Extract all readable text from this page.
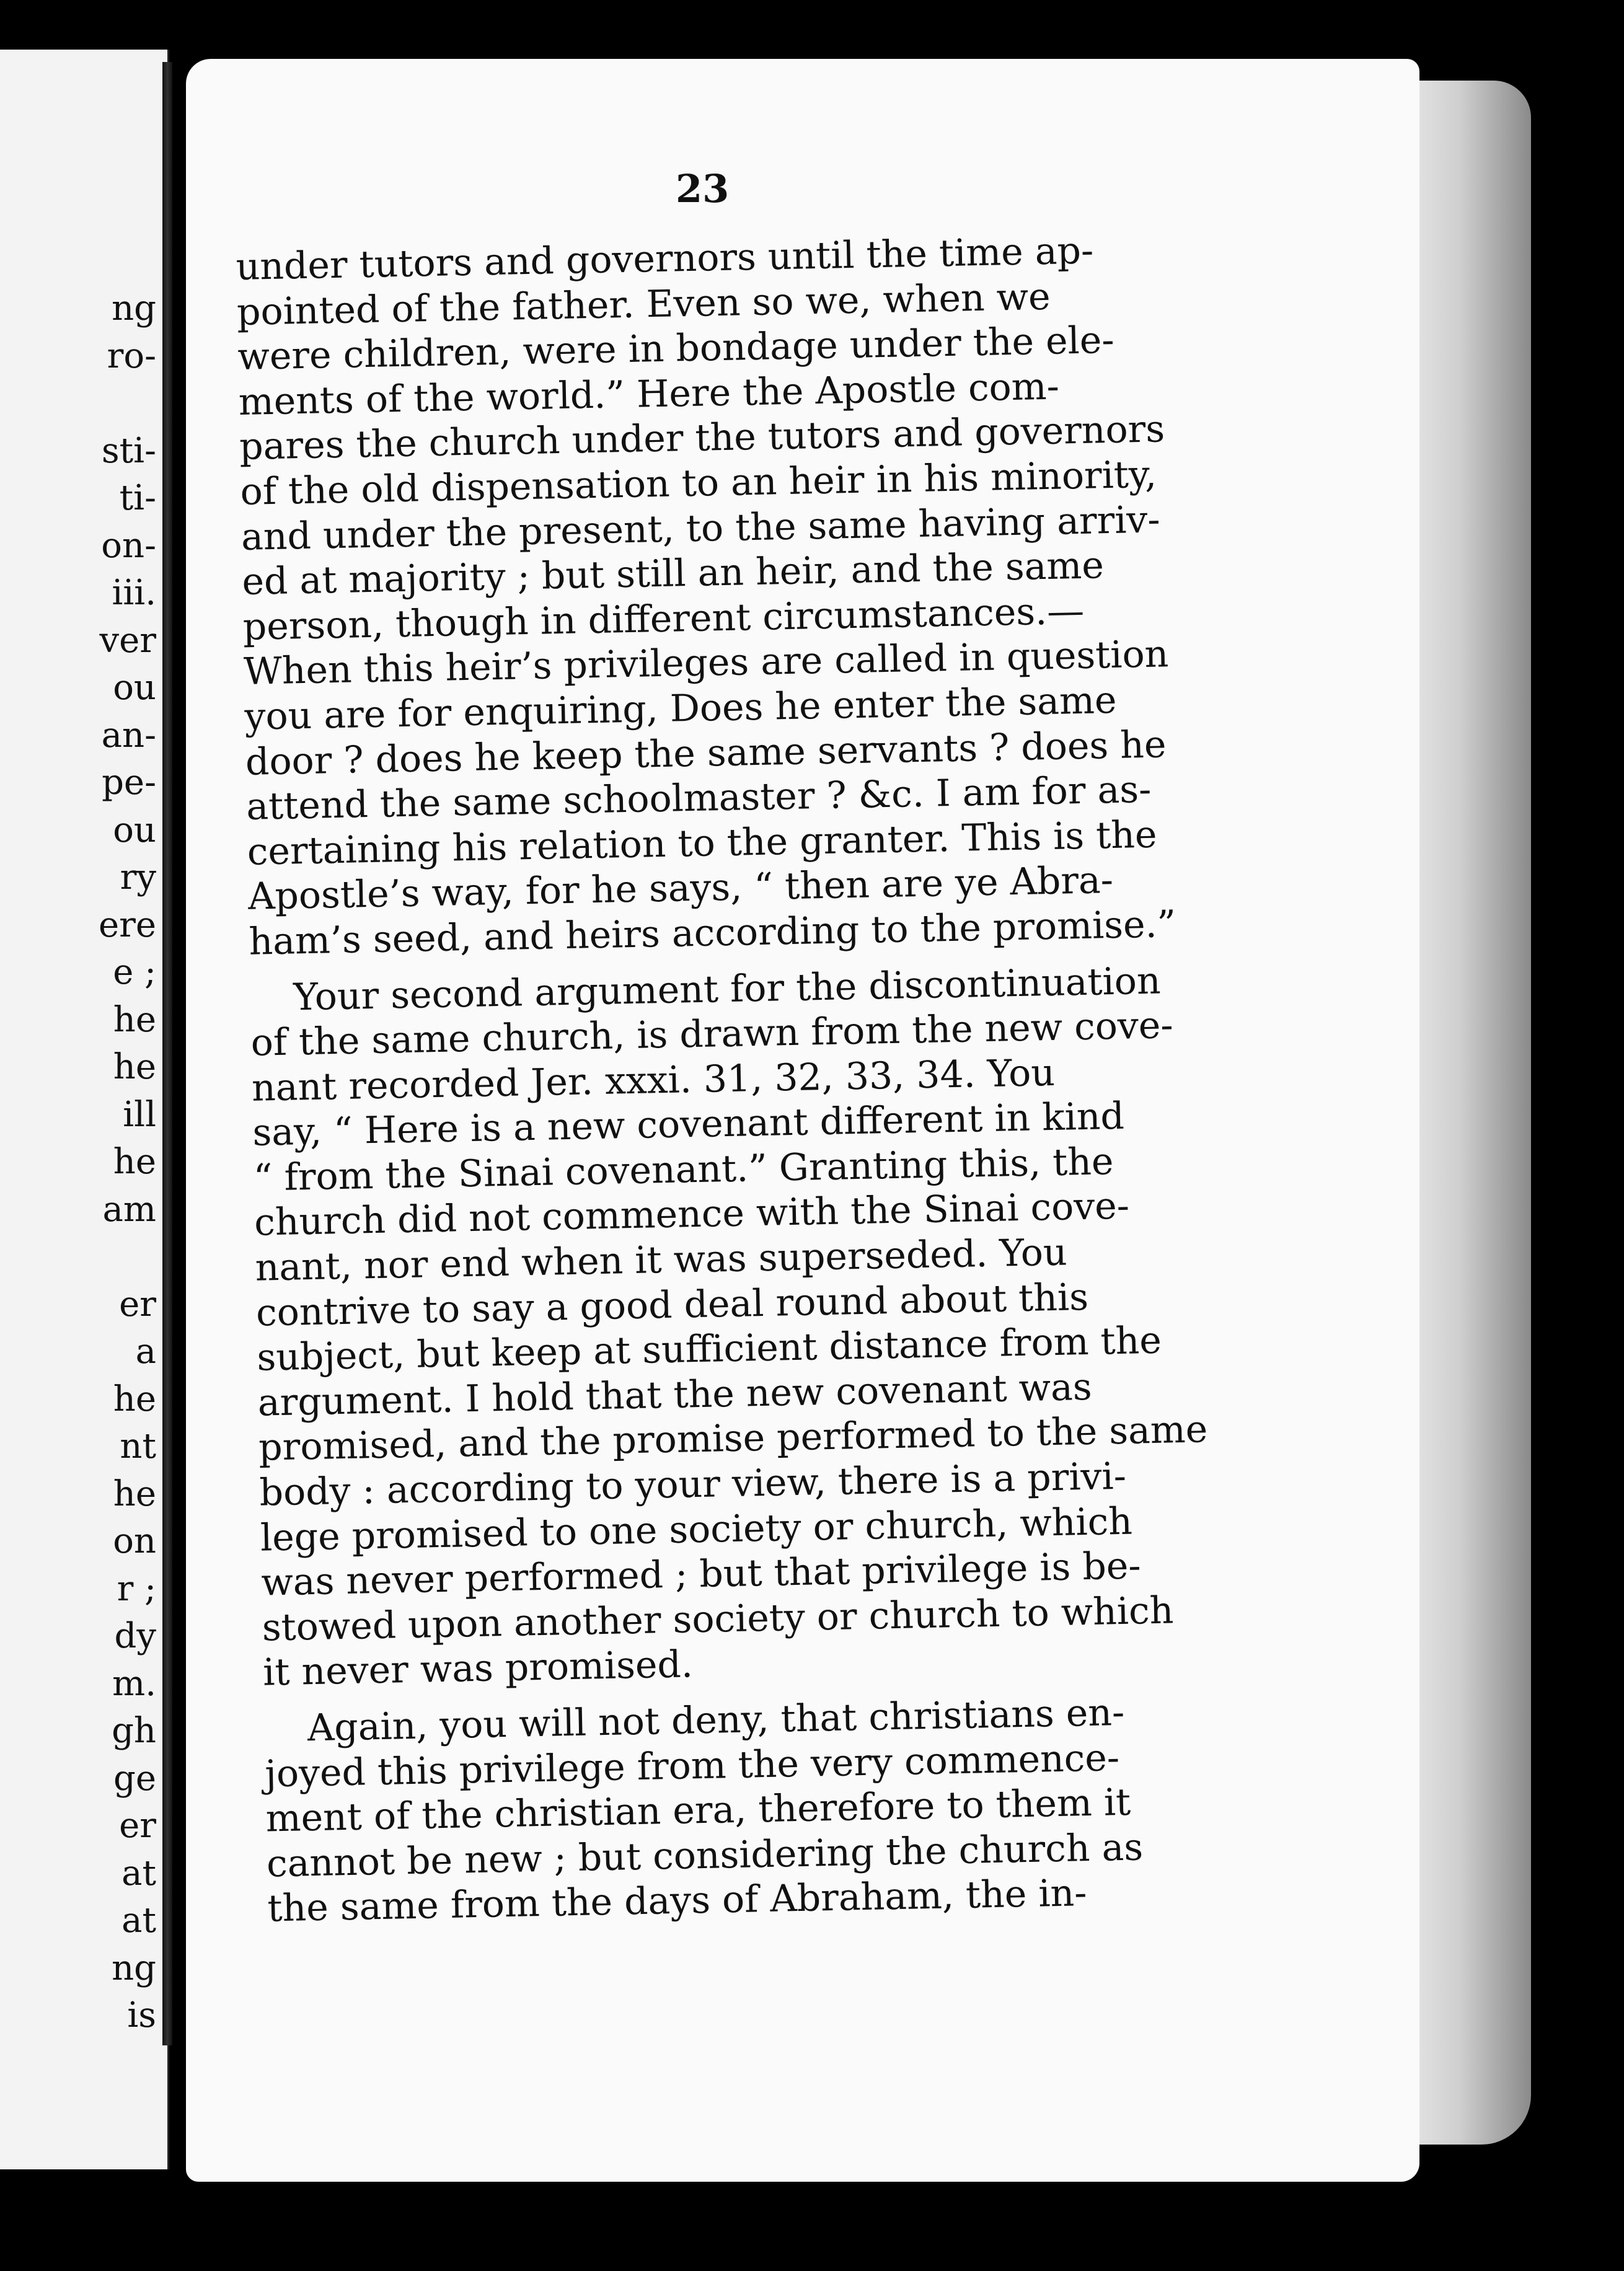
ng
ro-
sti-
ti-
on-
iii.
ver
ou
an-
pe-
ou
ry
ere
e ;
he
he
ill
he
am
er
a
he
nt
he
on
r ;
dy
m.
gh
ge
er
at
at
ng
is
23
under tutors and governors until the time ap-
pointed of the father. Even so we, when we
were children, were in bondage under the ele-
ments of the world.” Here the Apostle com-
pares the church under the tutors and governors
of the old dispensation to an heir in his minority,
and under the present, to the same having arriv-
ed at majority ; but still an heir, and the same
person, though in different circumstances.—
When this heir’s privileges are called in question
you are for enquiring, Does he enter the same
door ? does he keep the same servants ? does he
attend the same schoolmaster ? &c. I am for as-
certaining his relation to the granter. This is the
Apostle’s way, for he says, “ then are ye Abra-
ham’s seed, and heirs according to the promise.”
Your second argument for the discontinuation
of the same church, is drawn from the new cove-
nant recorded Jer. xxxi. 31, 32, 33, 34. You
say, “ Here is a new covenant different in kind
“ from the Sinai covenant.” Granting this, the
church did not commence with the Sinai cove-
nant, nor end when it was superseded. You
contrive to say a good deal round about this
subject, but keep at sufficient distance from the
argument. I hold that the new covenant was
promised, and the promise performed to the same
body : according to your view, there is a privi-
lege promised to one society or church, which
was never performed ; but that privilege is be-
stowed upon another society or church to which
it never was promised.
Again, you will not deny, that christians en-
joyed this privilege from the very commence-
ment of the christian era, therefore to them it
cannot be new ; but considering the church as
the same from the days of Abraham, the in-
